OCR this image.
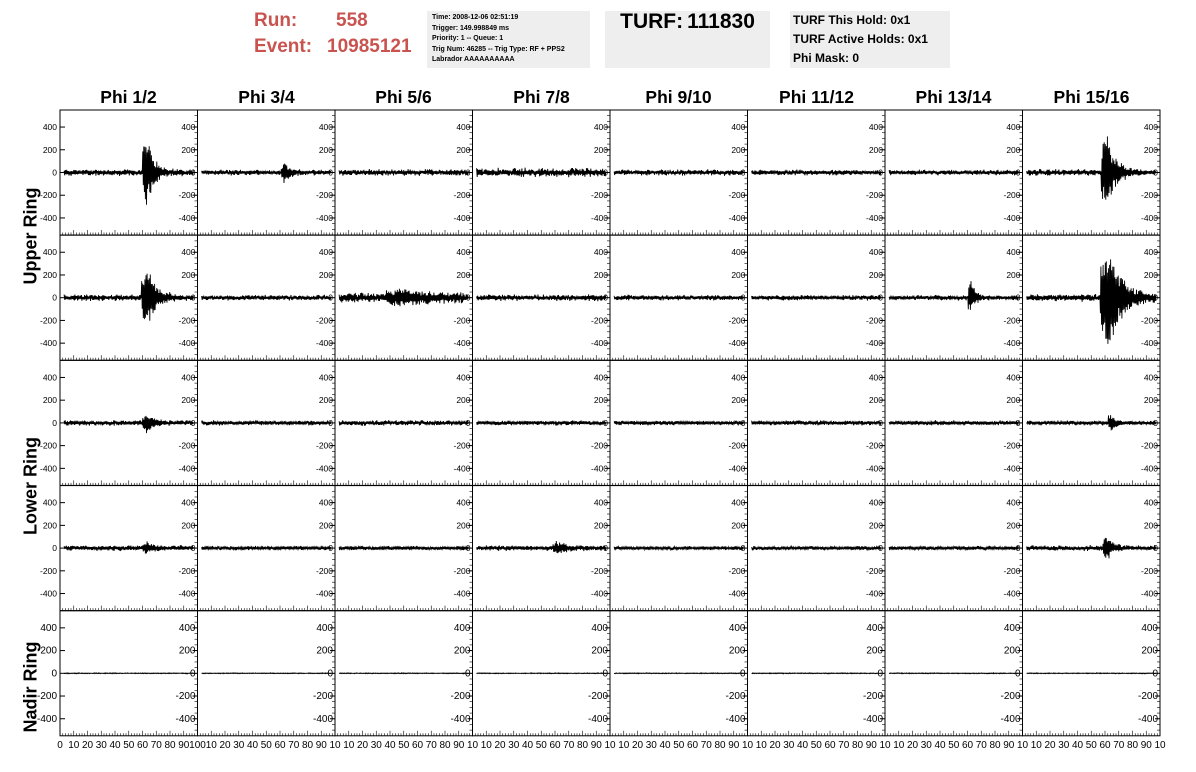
Run:	558
Event: 10985121
Time: 2008-12-06 02:51:19
Trigger: 149.998849 ms
Priority: 1 -- Queue: 1
Trig Num: 46285 -- Trig Type: RF + PPS2
Labrador AAAAAAAAAA
TURF: 111830	TURF This Hold: 0x1
TURF Active Holds: 0x1
Phi Mask: 0
Phi 1/2	Phi 3/4	Phi 5/6	Phi 7/8	Phi 9/10	Phi 11/12	Phi 13/14	Phi 15/16
Upper Ring
Lower Ring
Nadir Ring
400	400
200	200
0	0
-200	-200
-400	-400
400
200
0
-200
-400
400
200
0
-200
-400
400
200
0
-200
-400
400
200
0
-200
-400
400
200
0
-200
-400
400
200
0
-200
-400
400
200
0
-200
-400
400	400
200	200
0	0
-200	-200
-400	-400
400
200
0
-200
-400
400
200
0
-200
-400
400
200
0
-200
-400
400
200
0
-200
-400
400
200
0
-200
-400
400
200
0
-200
-400
400
200
0
-200
-400
400	400
200	200
0	0
-200	-200
-400	-400
400
200
0
-200
-400
400
200
0
-200
-400
400
200
0
-200
-400
400
200
0
-200
-400
400
200
0
-200
-400
400
200
0
-200
-400
400
200
0
-200
-400
400	400
200	200
0	0
-200	-200
-400	-400
400
200
0
-200
-400
400
200
0
-200
-400
400
200
0
-200
-400
400
200
0
-200
-400
400
200
0
-200
-400
400
200
0
-200
-400
400
200
0
-200
-400
400	400
200	200
0	0
-200	-200
-400	-400
0 10 20 30 40 50 60 70 80 90 100
400
200
0
-200
-400
10 20 30 40 50 60 70 80 90 10
400
200
0
-200
-400
10 20 30 40 50 60 70 80 90 10
400
200
0
-200
-400
10 20 30 40 50 60 70 80 90 10
400
200
0
-200
-400
10 20 30 40 50 60 70 80 90 10
400
200
0
-200
-400
10 20 30 40 50 60 70 80 90 10
400
200
0
-200
-400
10 20 30 40 50 60 70 80 90 10
400
200
0
-200
-400
10 20 30 40 50 60 70 80 90 10
